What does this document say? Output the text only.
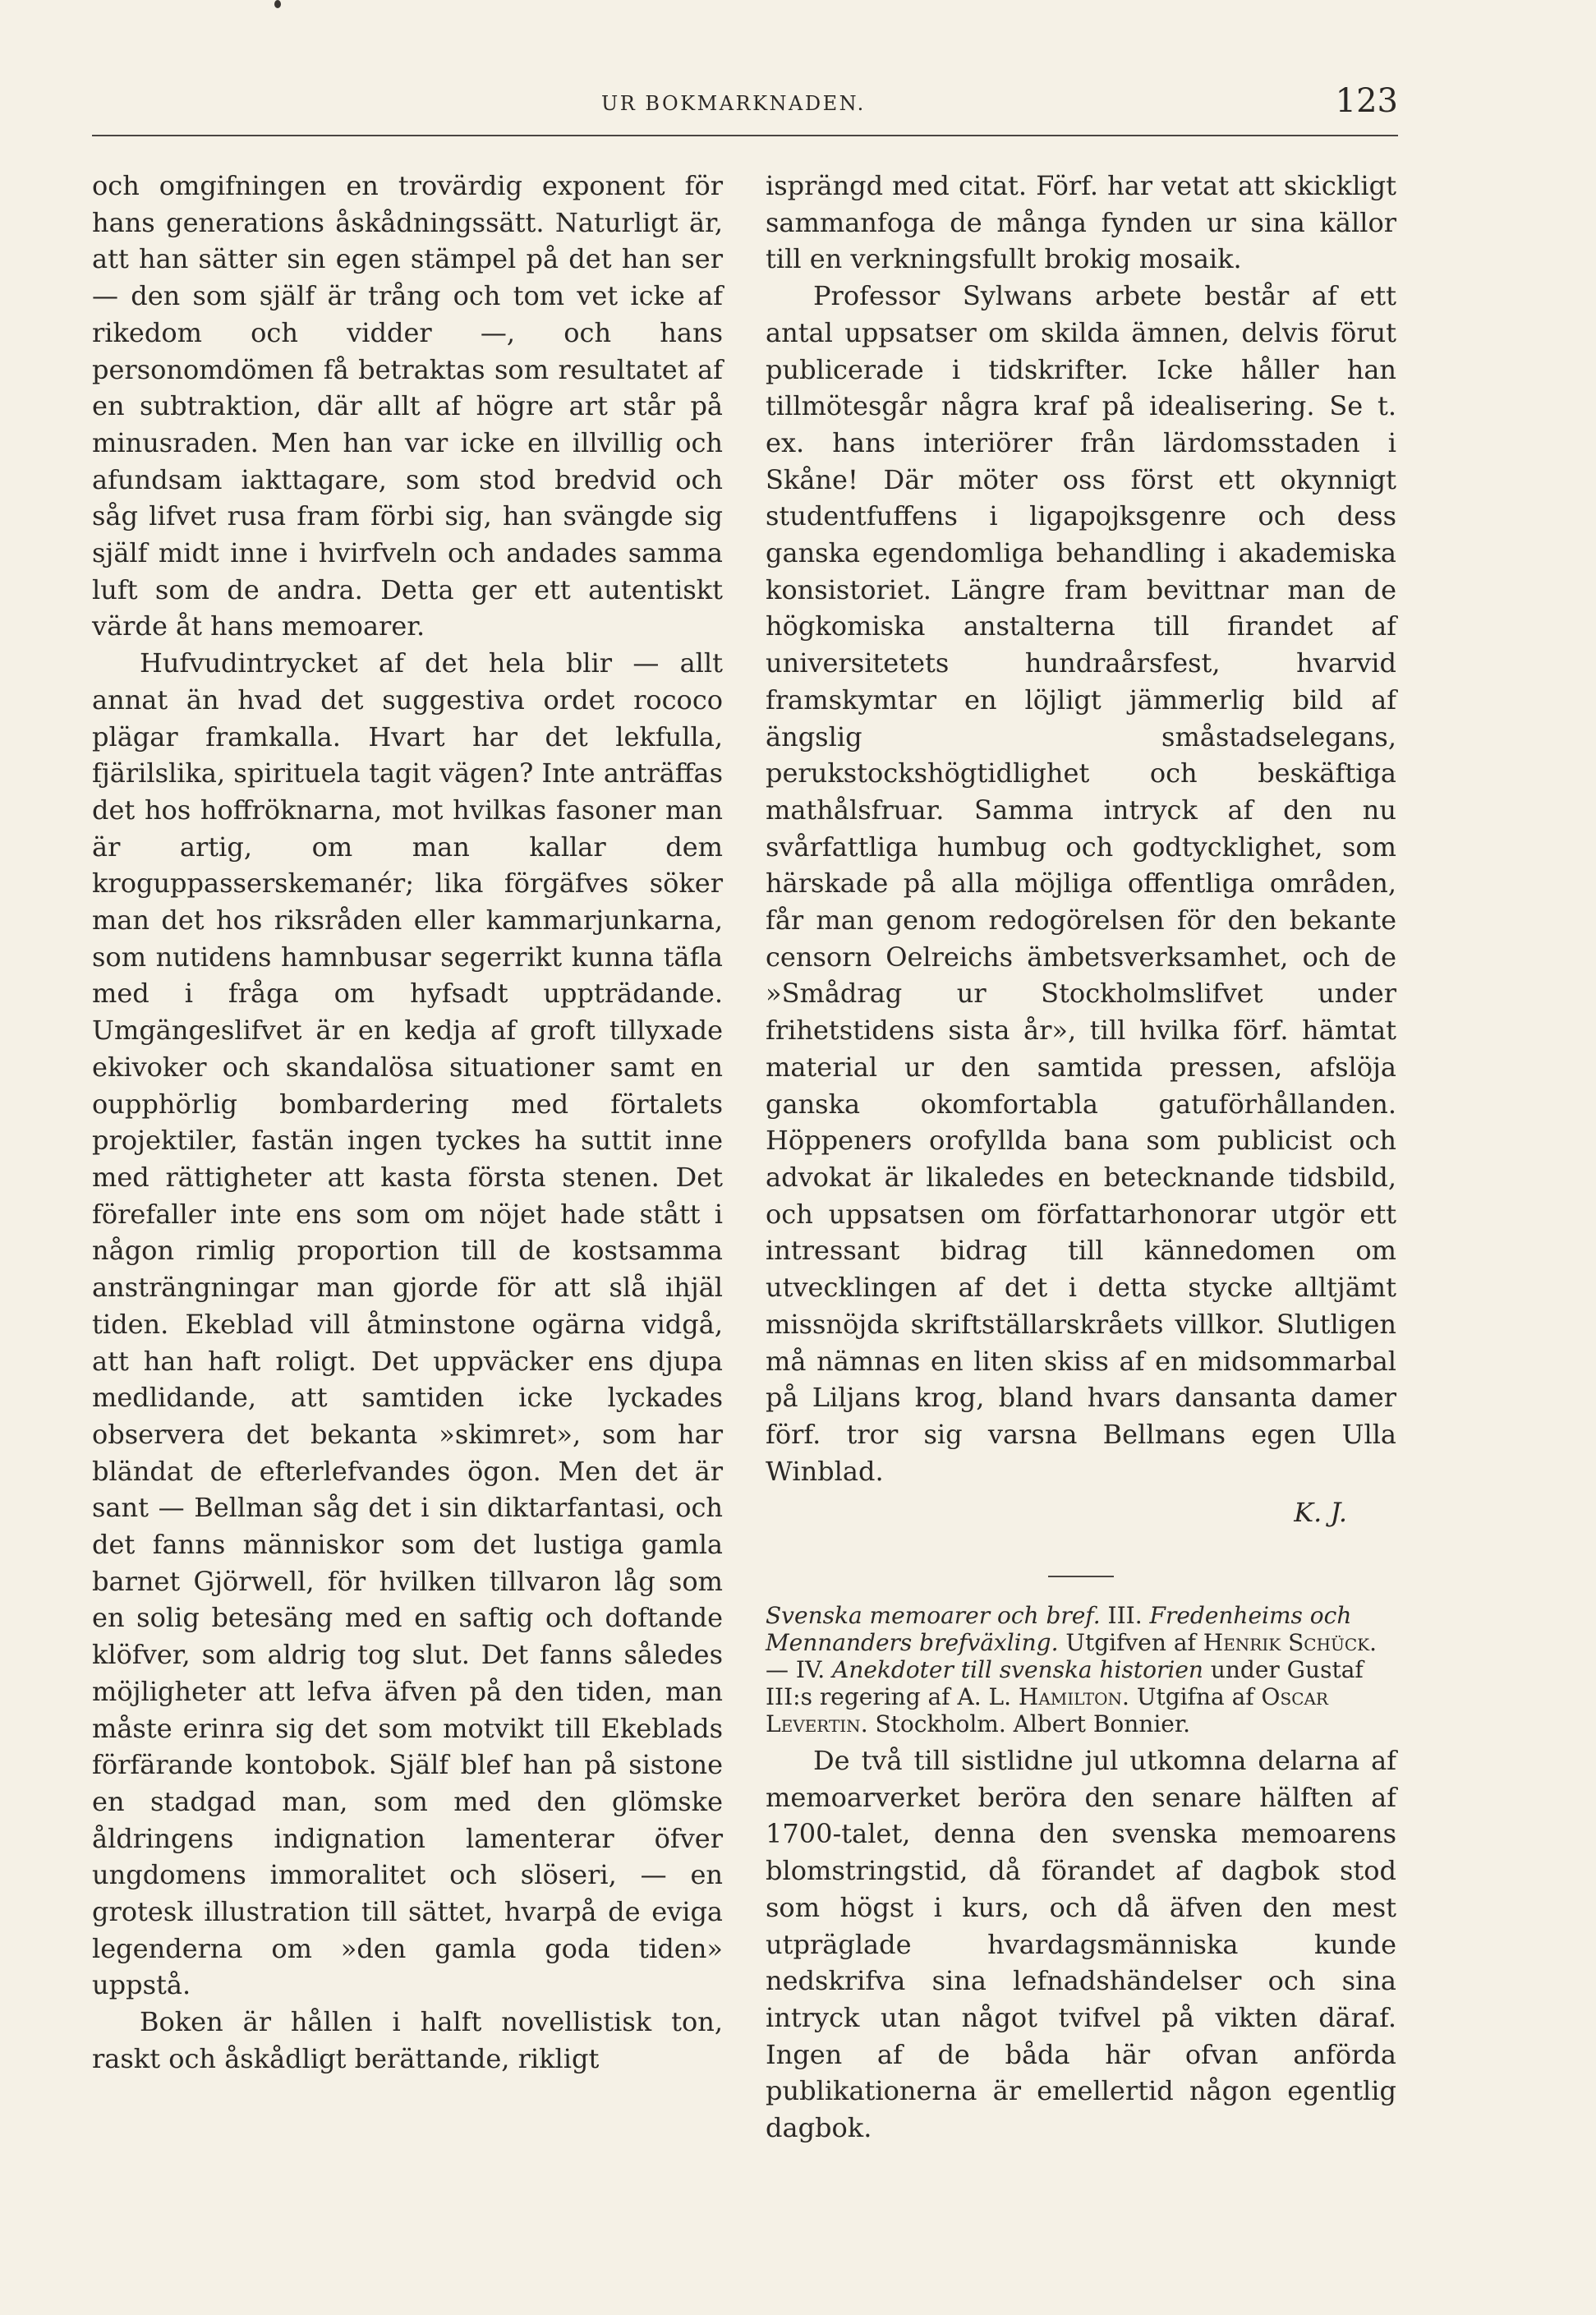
UR BOKMARKNADEN.	123

och omgifningen en trovärdig exponent för hans generations åskådningssätt. Naturligt är, att han sätter sin egen stämpel på det han ser — den som själf är trång och tom vet icke af rikedom och vidder —, och hans personomdömen få betraktas som resultatet af en subtraktion, där allt af högre art står på minusraden. Men han var icke en illvillig och afundsam iakttagare, som stod bredvid och såg lifvet rusa fram förbi sig, han svängde sig själf midt inne i hvirfveln och andades samma luft som de andra. Detta ger ett autentiskt värde åt hans memoarer.

Hufvudintrycket af det hela blir — allt annat än hvad det suggestiva ordet rococo plägar framkalla. Hvart har det lekfulla, fjärilslika, spirituela tagit vägen? Inte anträffas det hos hoffröknarna, mot hvilkas fasoner man är artig, om man kallar dem kroguppasserskemanér; lika förgäfves söker man det hos riksråden eller kammarjunkarna, som nutidens hamnbusar segerrikt kunna täfla med i fråga om hyfsadt uppträdande. Umgängeslifvet är en kedja af groft tillyxade ekivoker och skandalösa situationer samt en oupphörlig bombardering med förtalets projektiler, fastän ingen tyckes ha suttit inne med rättigheter att kasta första stenen. Det förefaller inte ens som om nöjet hade stått i någon rimlig proportion till de kostsamma ansträngningar man gjorde för att slå ihjäl tiden. Ekeblad vill åtminstone ogärna vidgå, att han haft roligt. Det uppväcker ens djupa medlidande, att samtiden icke lyckades observera det bekanta »skimret», som har bländat de efterlefvandes ögon. Men det är sant — Bellman såg det i sin diktarfantasi, och det fanns människor som det lustiga gamla barnet Gjörwell, för hvilken tillvaron låg som en solig betesäng med en saftig och doftande klöfver, som aldrig tog slut. Det fanns således möjligheter att lefva äfven på den tiden, man måste erinra sig det som motvikt till Ekeblads förfärande kontobok. Själf blef han på sistone en stadgad man, som med den glömske åldringens indignation lamenterar öfver ungdomens immoralitet och slöseri, — en grotesk illustration till sättet, hvarpå de eviga legenderna om »den gamla goda tiden» uppstå.

Boken är hållen i halft novellistisk ton, raskt och åskådligt berättande, rikligt

isprängd med citat. Förf. har vetat att skickligt sammanfoga de många fynden ur sina källor till en verkningsfullt brokig mosaik.

Professor Sylwans arbete består af ett antal uppsatser om skilda ämnen, delvis förut publicerade i tidskrifter. Icke håller han tillmötesgår några kraf på idealisering. Se t. ex. hans interiörer från lärdomsstaden i Skåne! Där möter oss först ett okynnigt studentfuffens i ligapojksgenre och dess ganska egendomliga behandling i akademiska konsistoriet. Längre fram bevittnar man de högkomiska anstalterna till firandet af universitetets hundraårsfest, hvarvid framskymtar en löjligt jämmerlig bild af ängslig småstadselegans, perukstockshögtidlighet och beskäftiga mathålsfruar. Samma intryck af den nu svårfattliga humbug och godtycklighet, som härskade på alla möjliga offentliga områden, får man genom redogörelsen för den bekante censorn Oelreichs ämbetsverksamhet, och de »Smådrag ur Stockholmslifvet under frihetstidens sista år», till hvilka förf. hämtat material ur den samtida pressen, afslöja ganska okomfortabla gatuförhållanden. Höppeners orofyllda bana som publicist och advokat är likaledes en betecknande tidsbild, och uppsatsen om författarhonorar utgör ett intressant bidrag till kännedomen om utvecklingen af det i detta stycke alltjämt missnöjda skriftställarskråets villkor. Slutligen må nämnas en liten skiss af en midsommarbal på Liljans krog, bland hvars dansanta damer förf. tror sig varsna Bellmans egen Ulla Winblad.

K. J.

Svenska memoarer och bref. III. Fredenheims och Mennanders brefväxling. Utgifven af Henrik Schück. — IV. Anekdoter till svenska historien under Gustaf III:s regering af A. L. Hamilton. Utgifna af Oscar Levertin. Stockholm. Albert Bonnier.

De två till sistlidne jul utkomna delarna af memoarverket beröra den senare hälften af 1700-talet, denna den svenska memoarens blomstringstid, då förandet af dagbok stod som högst i kurs, och då äfven den mest utpräglade hvardagsmänniska kunde nedskrifva sina lefnadshändelser och sina intryck utan något tvifvel på vikten däraf. Ingen af de båda här ofvan anförda publikationerna är emellertid någon egentlig dagbok.
